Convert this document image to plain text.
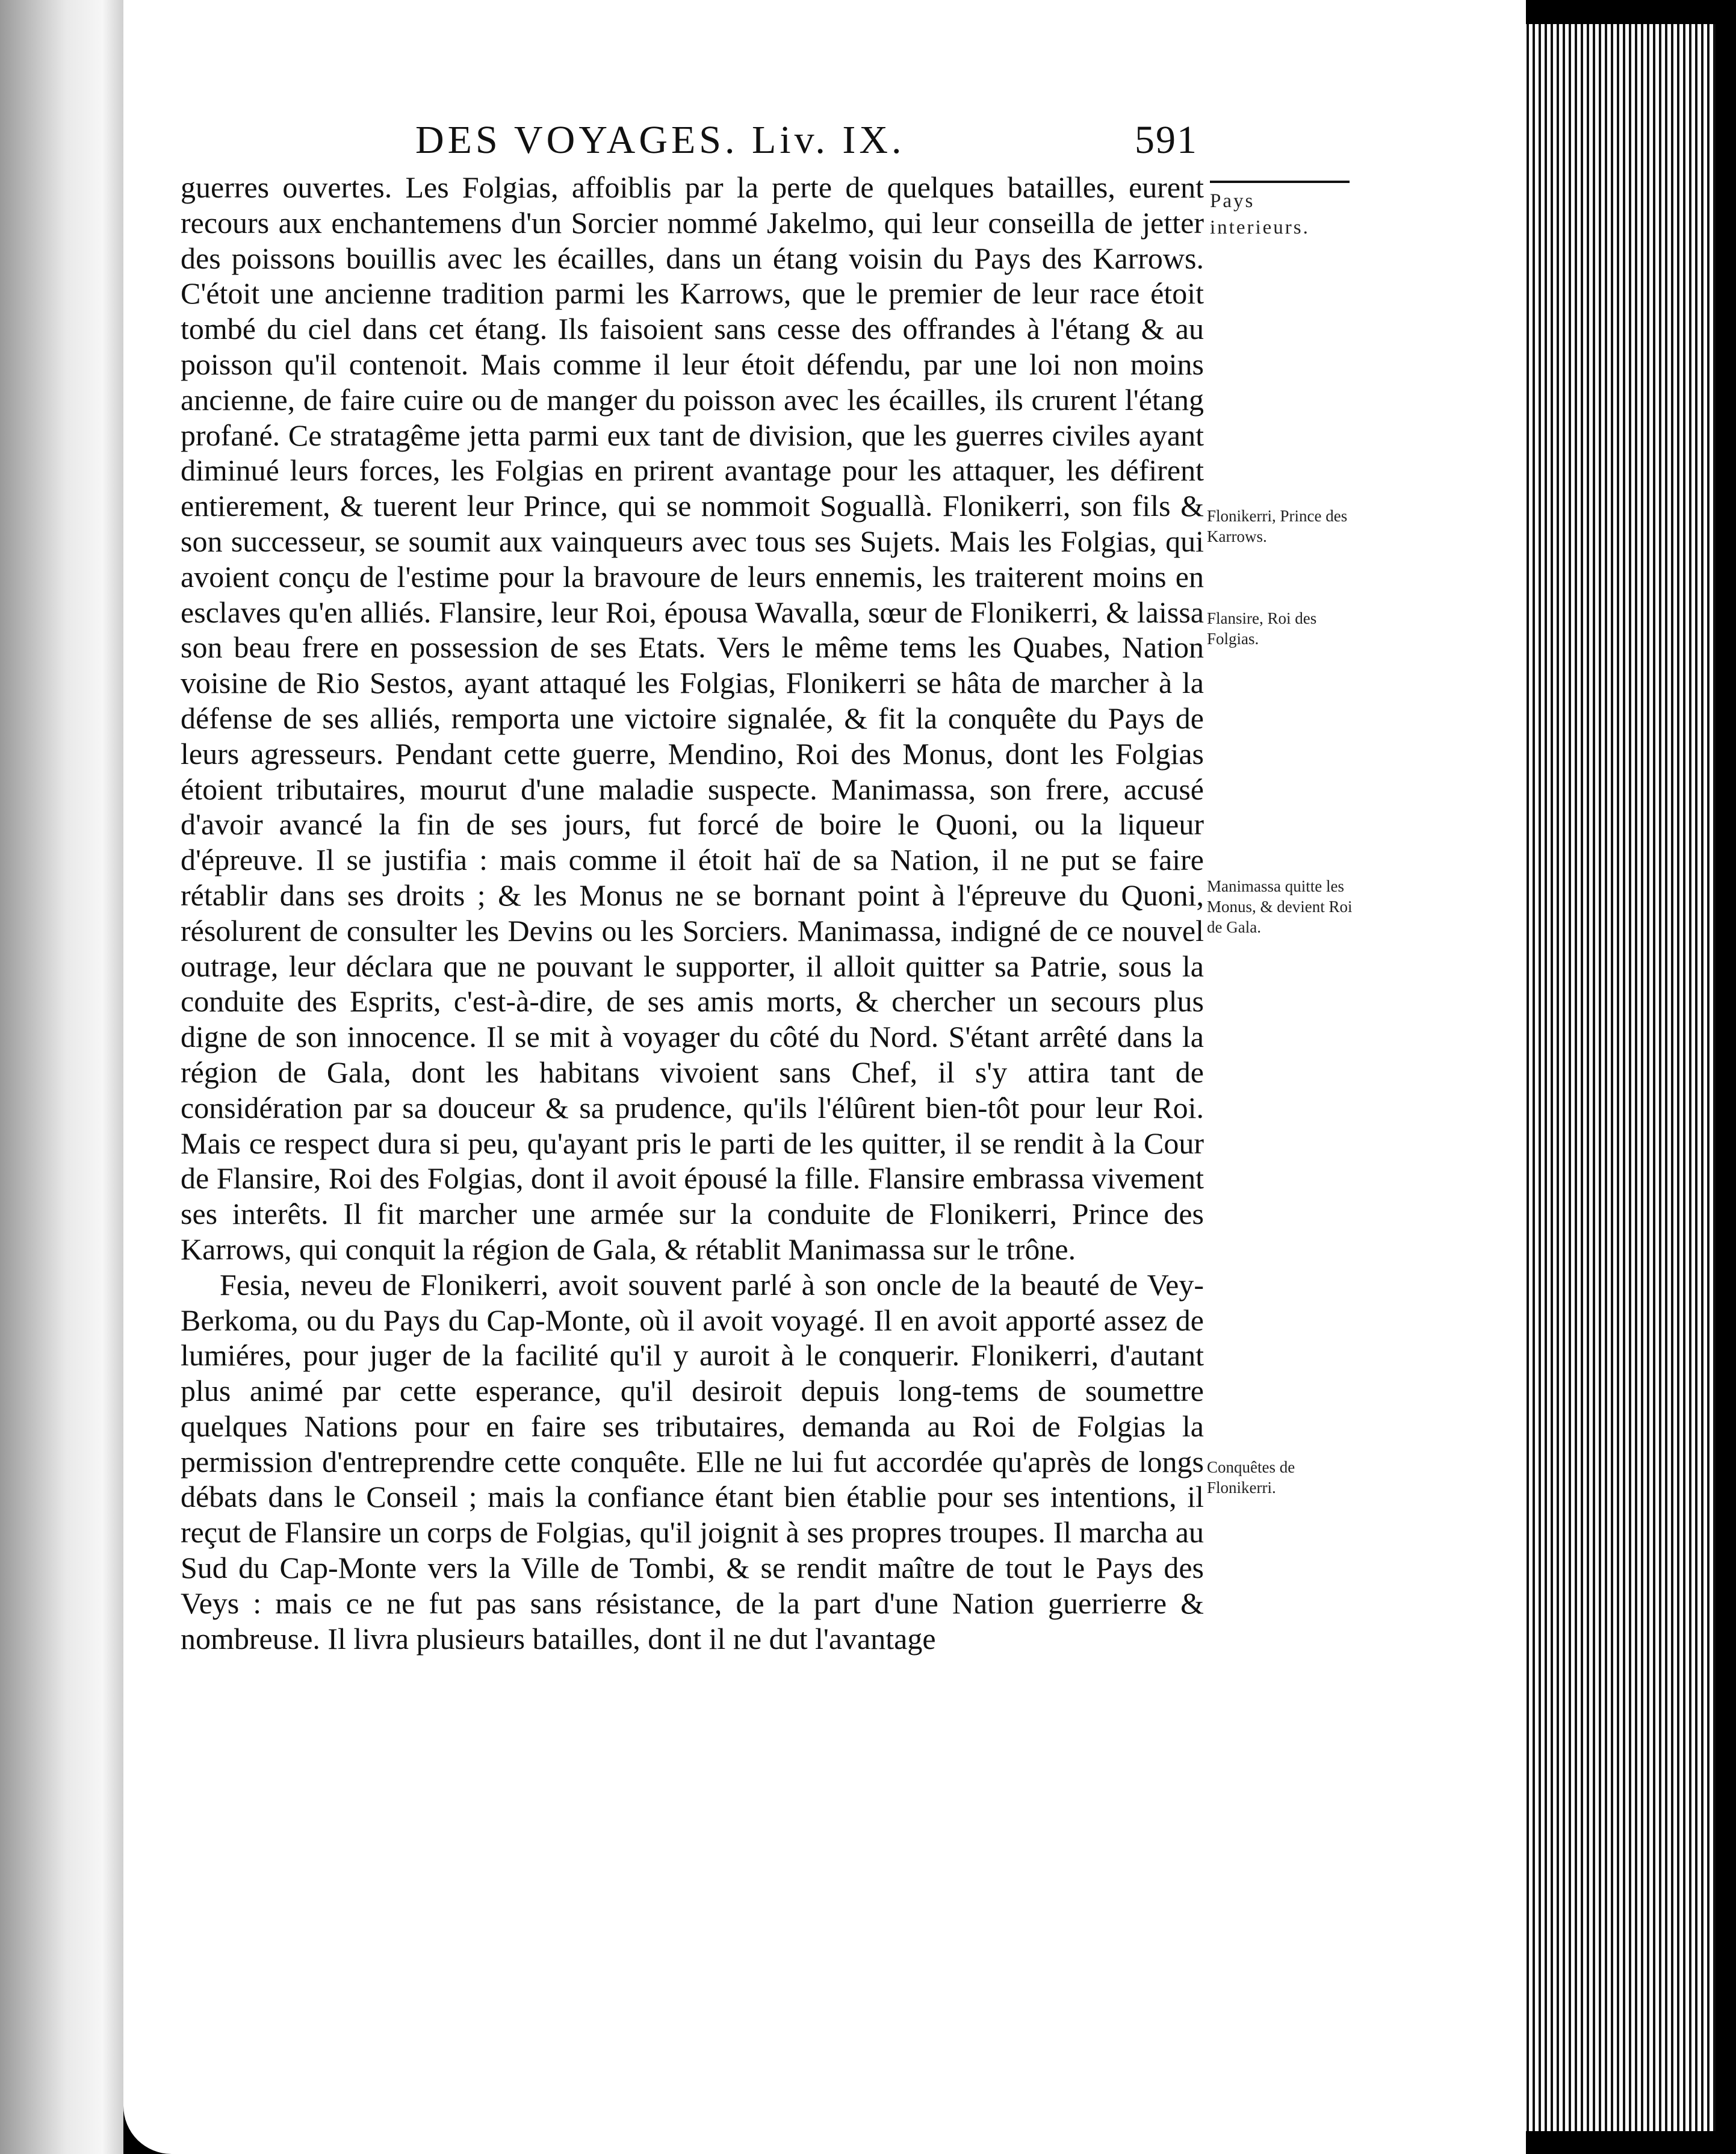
DES VOYAGES. Liv. IX.	591

guerres ouvertes. Les Folgias, affoiblis par la perte de quelques batailles, eurent recours aux enchantemens d'un Sorcier nommé Jakelmo, qui leur conseilla de jetter des poissons bouillis avec les écailles, dans un étang voisin du Pays des Karrows. C'étoit une ancienne tradition parmi les Karrows, que le premier de leur race étoit tombé du ciel dans cet étang. Ils faisoient sans cesse des offrandes à l'étang & au poisson qu'il contenoit. Mais comme il leur étoit défendu, par une loi non moins ancienne, de faire cuire ou de manger du poisson avec les écailles, ils crurent l'étang profané. Ce stratagême jetta parmi eux tant de division, que les guerres civiles ayant diminué leurs forces, les Folgias en prirent avantage pour les attaquer, les défirent entierement, & tuerent leur Prince, qui se nommoit Soguallà. Flonikerri, son fils & son successeur, se soumit aux vainqueurs avec tous ses Sujets. Mais les Folgias, qui avoient conçu de l'estime pour la bravoure de leurs ennemis, les traiterent moins en esclaves qu'en alliés. Flansire, leur Roi, épousa Wavalla, sœur de Flonikerri, & laissa son beau frere en possession de ses Etats. Vers le même tems les Quabes, Nation voisine de Rio Sestos, ayant attaqué les Folgias, Flonikerri se hâta de marcher à la défense de ses alliés, remporta une victoire signalée, & fit la conquête du Pays de leurs agresseurs. Pendant cette guerre, Mendino, Roi des Monus, dont les Folgias étoient tributaires, mourut d'une maladie suspecte. Manimassa, son frere, accusé d'avoir avancé la fin de ses jours, fut forcé de boire le Quoni, ou la liqueur d'épreuve. Il se justifia : mais comme il étoit haï de sa Nation, il ne put se faire rétablir dans ses droits ; & les Monus ne se bornant point à l'épreuve du Quoni, résolurent de consulter les Devins ou les Sorciers. Manimassa, indigné de ce nouvel outrage, leur déclara que ne pouvant le supporter, il alloit quitter sa Patrie, sous la conduite des Esprits, c'est-à-dire, de ses amis morts, & chercher un secours plus digne de son innocence. Il se mit à voyager du côté du Nord. S'étant arrêté dans la région de Gala, dont les habitans vivoient sans Chef, il s'y attira tant de considération par sa douceur & sa prudence, qu'ils l'élûrent bien-tôt pour leur Roi. Mais ce respect dura si peu, qu'ayant pris le parti de les quitter, il se rendit à la Cour de Flansire, Roi des Folgias, dont il avoit épousé la fille. Flansire embrassa vivement ses interêts. Il fit marcher une armée sur la conduite de Flonikerri, Prince des Karrows, qui conquit la région de Gala, & rétablit Manimassa sur le trône.

Fesia, neveu de Flonikerri, avoit souvent parlé à son oncle de la beauté de Vey-Berkoma, ou du Pays du Cap-Monte, où il avoit voyagé. Il en avoit apporté assez de lumiéres, pour juger de la facilité qu'il y auroit à le conquerir. Flonikerri, d'autant plus animé par cette esperance, qu'il desiroit depuis long-tems de soumettre quelques Nations pour en faire ses tributaires, demanda au Roi de Folgias la permission d'entreprendre cette conquête. Elle ne lui fut accordée qu'après de longs débats dans le Conseil ; mais la confiance étant bien établie pour ses intentions, il reçut de Flansire un corps de Folgias, qu'il joignit à ses propres troupes. Il marcha au Sud du Cap-Monte vers la Ville de Tombi, & se rendit maître de tout le Pays des Veys : mais ce ne fut pas sans résistance, de la part d'une Nation guerrierre & nombreuse. Il livra plusieurs batailles, dont il ne dut l'avantage

Pays interieurs.
Flonikerri, Prince des Karrows.
Flansire, Roi des Folgias.
Manimassa quitte les Monus, & devient Roi de Gala.
Conquêtes de Flonikerri.
